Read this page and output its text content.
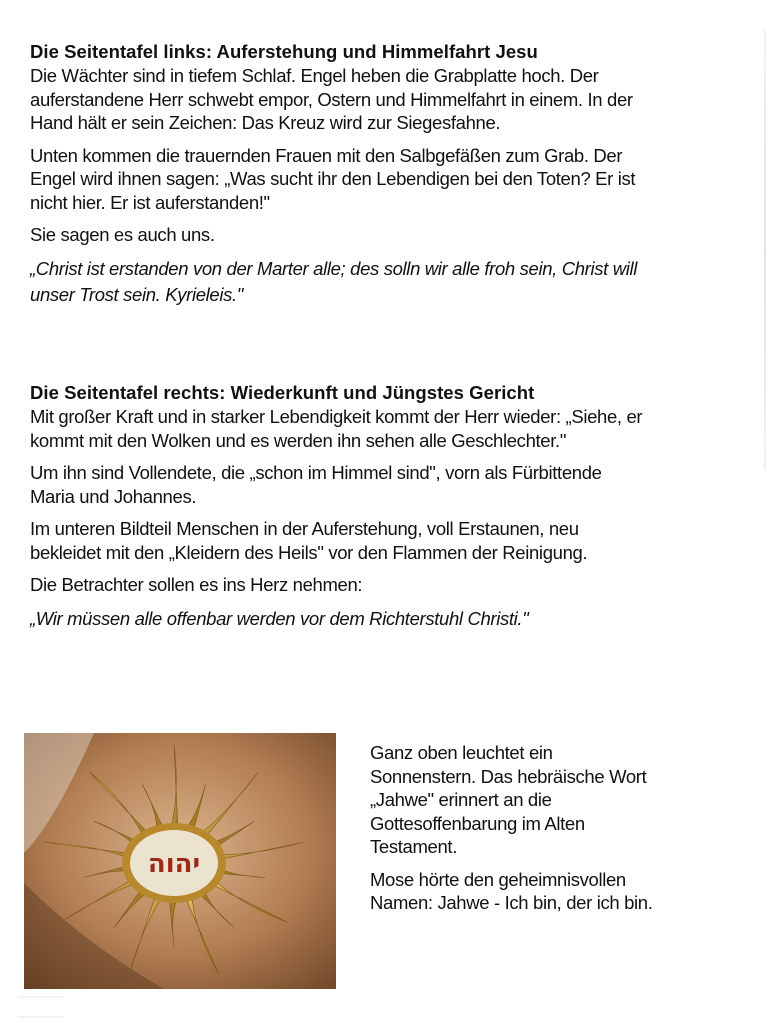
Die Seitentafel links: Auferstehung und Himmelfahrt Jesu

Die Wächter sind in tiefem Schlaf. Engel heben die Grabplatte hoch. Der auferstandene Herr schwebt empor, Ostern und Himmelfahrt in einem. In der Hand hält er sein Zeichen: Das Kreuz wird zur Siegesfahne.

Unten kommen die trauernden Frauen mit den Salbgefäßen zum Grab. Der Engel wird ihnen sagen: „Was sucht ihr den Lebendigen bei den Toten? Er ist nicht hier. Er ist auferstanden!"

Sie sagen es auch uns.

„Christ ist erstanden von der Marter alle; des solln wir alle froh sein, Christ will unser Trost sein. Kyrieleis."

Die Seitentafel rechts: Wiederkunft und Jüngstes Gericht

Mit großer Kraft und in starker Lebendigkeit kommt der Herr wieder: „Siehe, er kommt mit den Wolken und es werden ihn sehen alle Geschlechter."

Um ihn sind Vollendete, die „schon im Himmel sind", vorn als Fürbittende Maria und Johannes.

Im unteren Bildteil Menschen in der Auferstehung, voll Erstaunen, neu bekleidet mit den „Kleidern des Heils" vor den Flammen der Reinigung.

Die Betrachter sollen es ins Herz nehmen:

„Wir müssen alle offenbar werden vor dem Richterstuhl Christi."

יהוה

Ganz oben leuchtet ein Sonnenstern. Das hebräische Wort „Jahwe" erinnert an die Gottesoffenbarung im Alten Testament.

Mose hörte den geheimnisvollen Namen: Jahwe - Ich bin, der ich bin.
